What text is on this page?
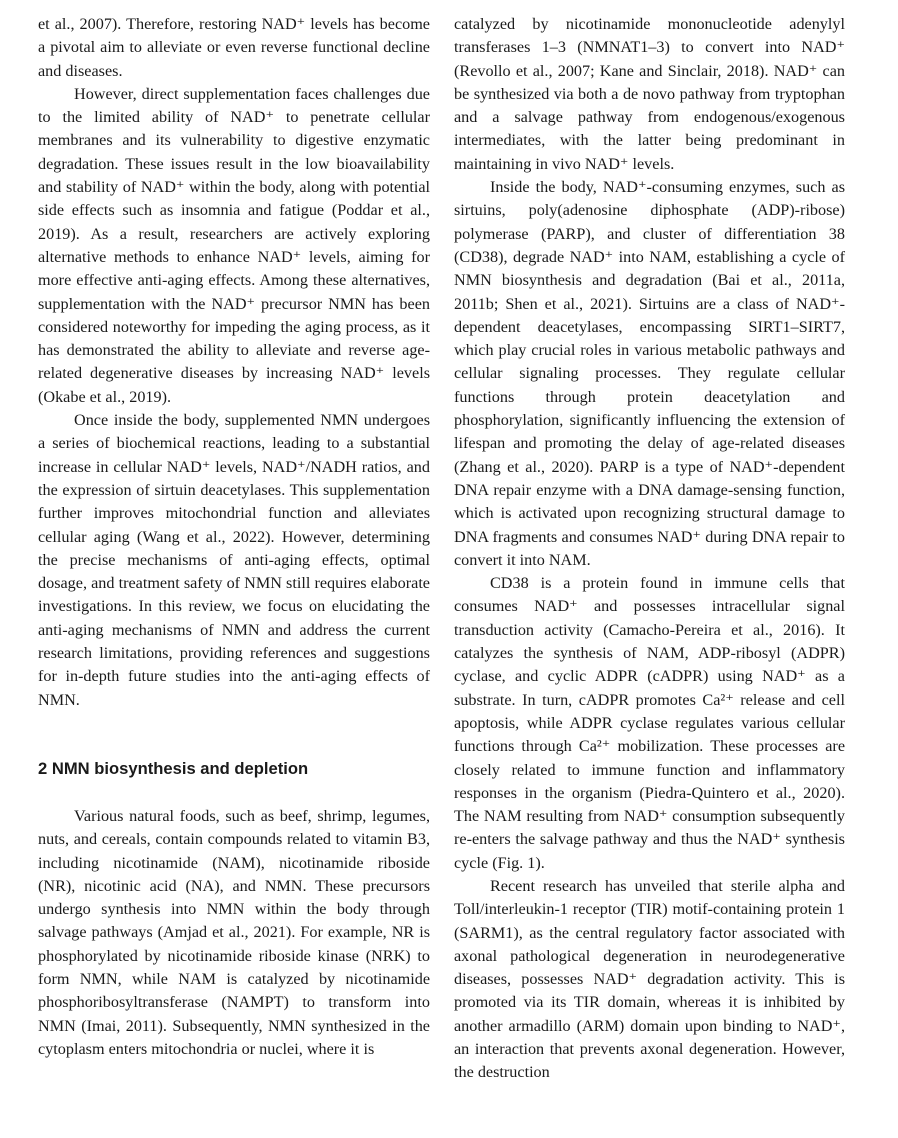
et al., 2007). Therefore, restoring NAD⁺ levels has become a pivotal aim to alleviate or even reverse functional decline and diseases.

However, direct supplementation faces challenges due to the limited ability of NAD⁺ to penetrate cellular membranes and its vulnerability to digestive enzymatic degradation. These issues result in the low bioavailability and stability of NAD⁺ within the body, along with potential side effects such as insomnia and fatigue (Poddar et al., 2019). As a result, researchers are actively exploring alternative methods to enhance NAD⁺ levels, aiming for more effective anti-aging effects. Among these alternatives, supplementation with the NAD⁺ precursor NMN has been considered noteworthy for impeding the aging process, as it has demonstrated the ability to alleviate and reverse age-related degenerative diseases by increasing NAD⁺ levels (Okabe et al., 2019).

Once inside the body, supplemented NMN undergoes a series of biochemical reactions, leading to a substantial increase in cellular NAD⁺ levels, NAD⁺/NADH ratios, and the expression of sirtuin deacetylases. This supplementation further improves mitochondrial function and alleviates cellular aging (Wang et al., 2022). However, determining the precise mechanisms of anti-aging effects, optimal dosage, and treatment safety of NMN still requires elaborate investigations. In this review, we focus on elucidating the anti-aging mechanisms of NMN and address the current research limitations, providing references and suggestions for in-depth future studies into the anti-aging effects of NMN.

2 NMN biosynthesis and depletion

Various natural foods, such as beef, shrimp, legumes, nuts, and cereals, contain compounds related to vitamin B3, including nicotinamide (NAM), nicotinamide riboside (NR), nicotinic acid (NA), and NMN. These precursors undergo synthesis into NMN within the body through salvage pathways (Amjad et al., 2021). For example, NR is phosphorylated by nicotinamide riboside kinase (NRK) to form NMN, while NAM is catalyzed by nicotinamide phosphoribosyltransferase (NAMPT) to transform into NMN (Imai, 2011). Subsequently, NMN synthesized in the cytoplasm enters mitochondria or nuclei, where it is

catalyzed by nicotinamide mononucleotide adenylyl transferases 1–3 (NMNAT1–3) to convert into NAD⁺ (Revollo et al., 2007; Kane and Sinclair, 2018). NAD⁺ can be synthesized via both a de novo pathway from tryptophan and a salvage pathway from endogenous/exogenous intermediates, with the latter being predominant in maintaining in vivo NAD⁺ levels.

Inside the body, NAD⁺-consuming enzymes, such as sirtuins, poly(adenosine diphosphate (ADP)-ribose) polymerase (PARP), and cluster of differentiation 38 (CD38), degrade NAD⁺ into NAM, establishing a cycle of NMN biosynthesis and degradation (Bai et al., 2011a, 2011b; Shen et al., 2021). Sirtuins are a class of NAD⁺-dependent deacetylases, encompassing SIRT1–SIRT7, which play crucial roles in various metabolic pathways and cellular signaling processes. They regulate cellular functions through protein deacetylation and phosphorylation, significantly influencing the extension of lifespan and promoting the delay of age-related diseases (Zhang et al., 2020). PARP is a type of NAD⁺-dependent DNA repair enzyme with a DNA damage-sensing function, which is activated upon recognizing structural damage to DNA fragments and consumes NAD⁺ during DNA repair to convert it into NAM.

CD38 is a protein found in immune cells that consumes NAD⁺ and possesses intracellular signal transduction activity (Camacho-Pereira et al., 2016). It catalyzes the synthesis of NAM, ADP-ribosyl (ADPR) cyclase, and cyclic ADPR (cADPR) using NAD⁺ as a substrate. In turn, cADPR promotes Ca²⁺ release and cell apoptosis, while ADPR cyclase regulates various cellular functions through Ca²⁺ mobilization. These processes are closely related to immune function and inflammatory responses in the organism (Piedra-Quintero et al., 2020). The NAM resulting from NAD⁺ consumption subsequently re-enters the salvage pathway and thus the NAD⁺ synthesis cycle (Fig. 1).

Recent research has unveiled that sterile alpha and Toll/interleukin-1 receptor (TIR) motif-containing protein 1 (SARM1), as the central regulatory factor associated with axonal pathological degeneration in neurodegenerative diseases, possesses NAD⁺ degradation activity. This is promoted via its TIR domain, whereas it is inhibited by another armadillo (ARM) domain upon binding to NAD⁺, an interaction that prevents axonal degeneration. However, the destruction
